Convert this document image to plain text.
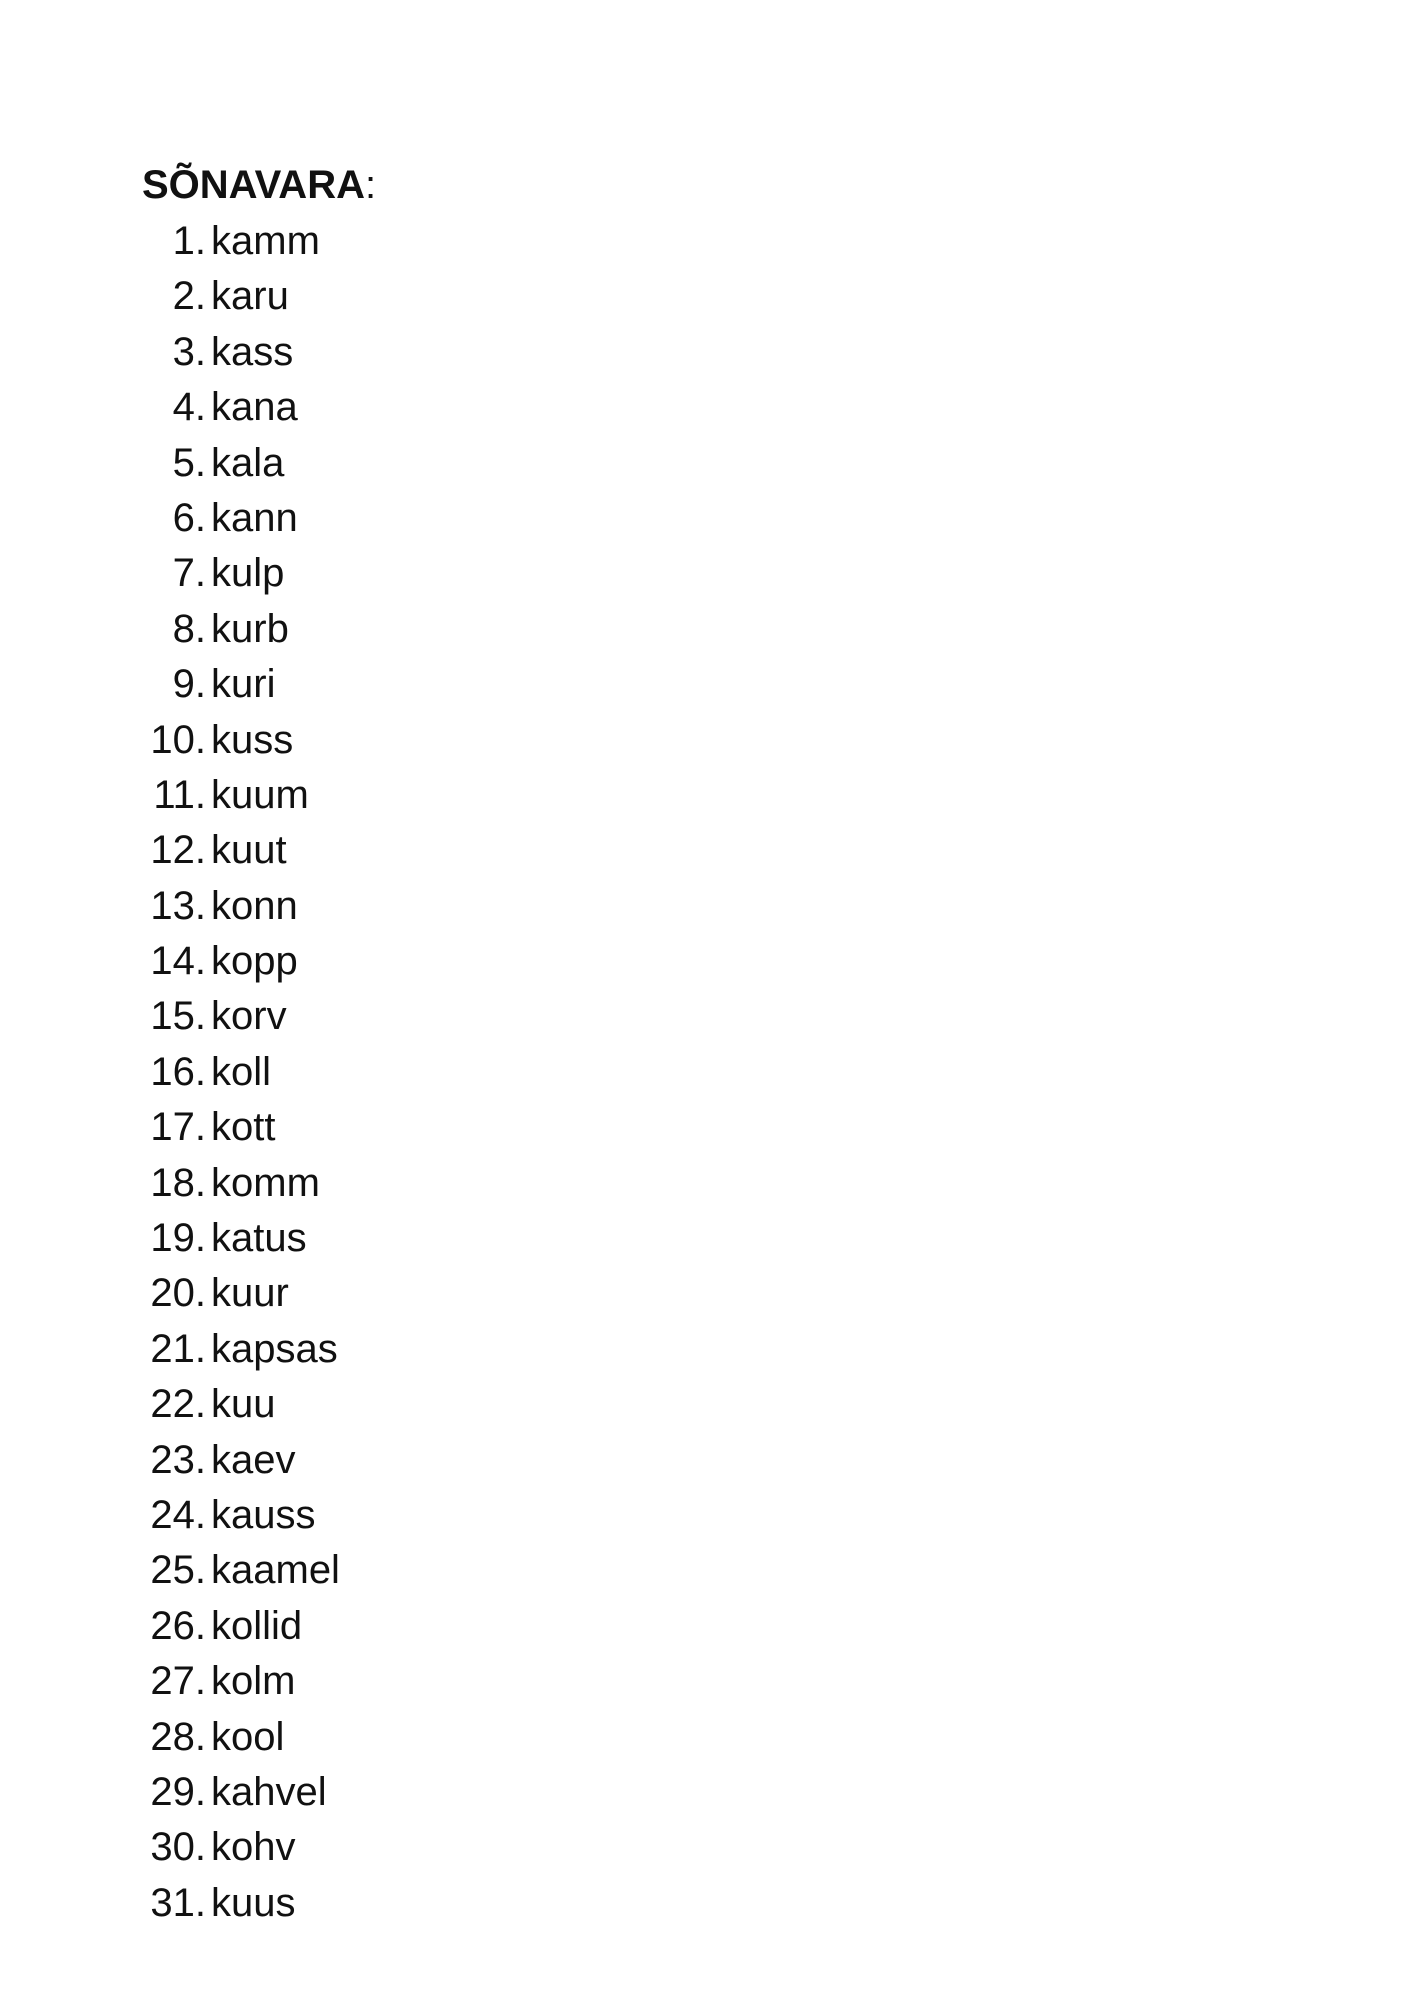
SÕNAVARA:
1. kamm
2. karu
3. kass
4. kana
5. kala
6. kann
7. kulp
8. kurb
9. kuri
10. kuss
11. kuum
12. kuut
13. konn
14. kopp
15. korv
16. koll
17. kott
18. komm
19. katus
20. kuur
21. kapsas
22. kuu
23. kaev
24. kauss
25. kaamel
26. kollid
27. kolm
28. kool
29. kahvel
30. kohv
31. kuus
